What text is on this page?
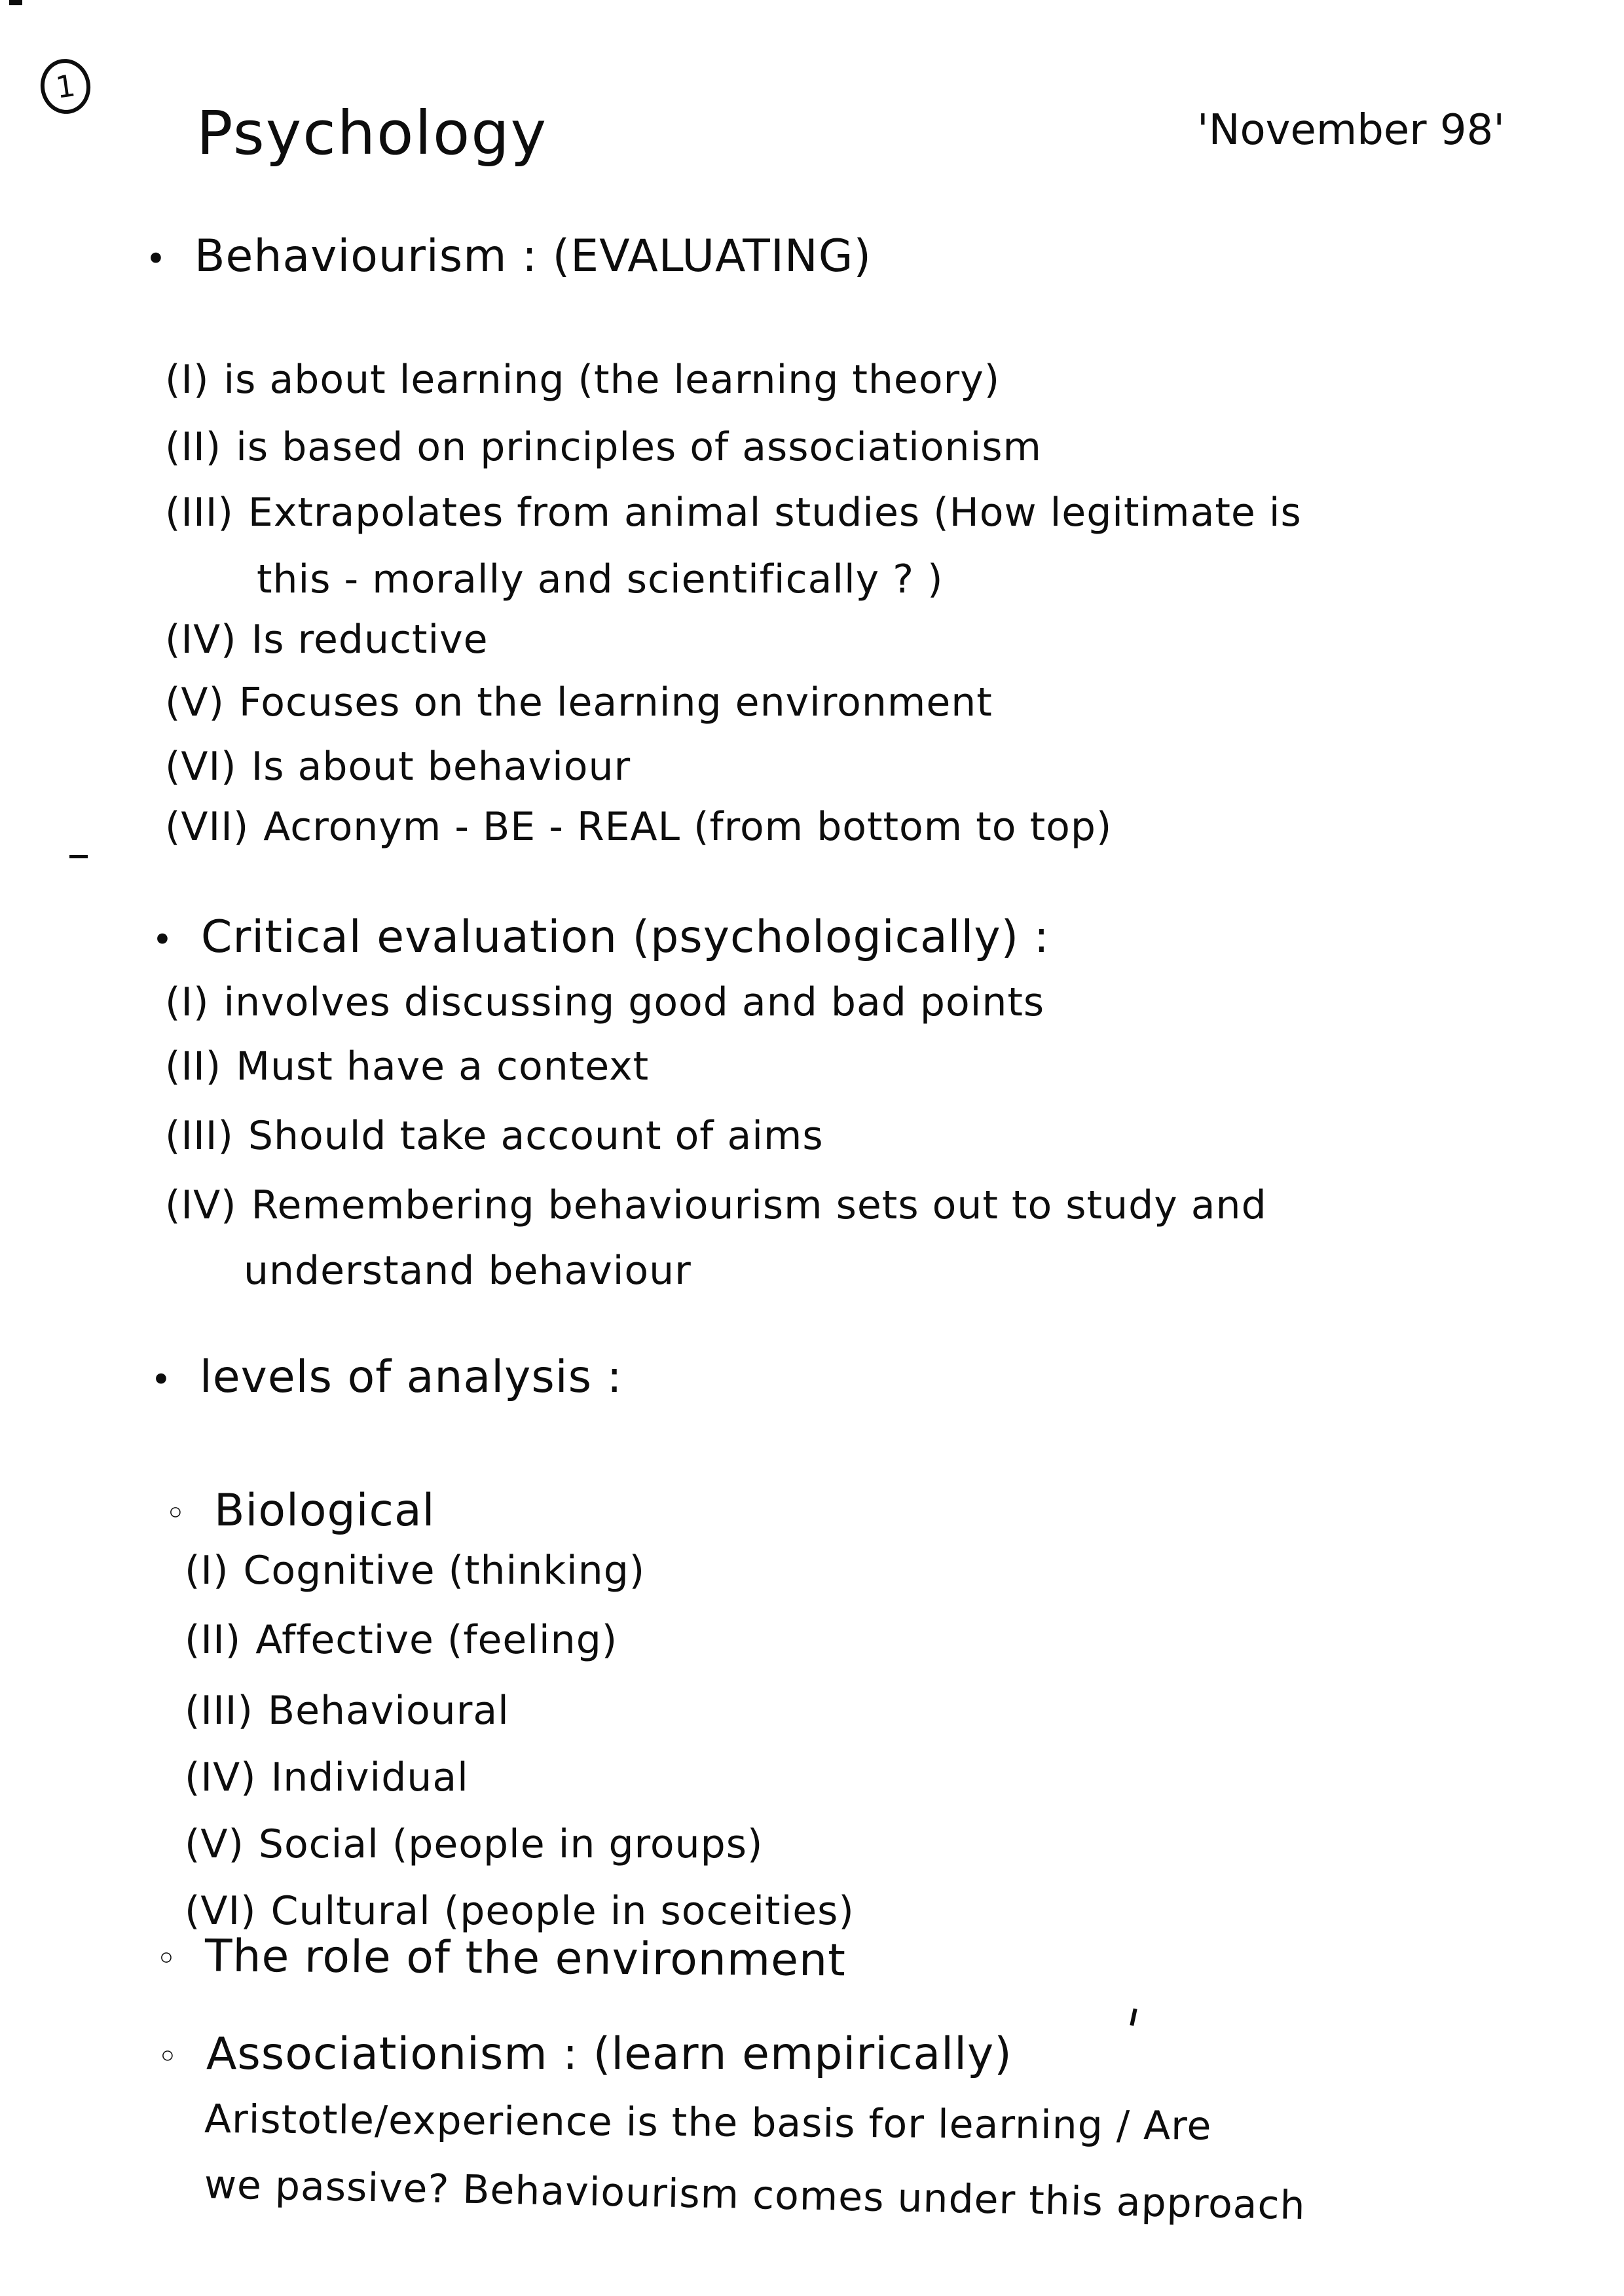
1
Psychology	'November 98'
• Behaviourism : (EVALUATING)
(I) is about learning (the learning theory)
(II) is based on principles of associationism
(III) Extrapolates from animal studies (How legitimate is
this - morally and scientifically ? )
(IV) Is reductive
(V) Focuses on the learning environment
(VI) Is about behaviour
(VII) Acronym - BE - REAL (from bottom to top)
• Critical evaluation (psychologically) :
(I) involves discussing good and bad points
(II) Must have a context
(III) Should take account of aims
(IV) Remembering behaviourism sets out to study and
understand behaviour
• levels of analysis :
◦ Biological
(I) Cognitive (thinking)
(II) Affective (feeling)
(III) Behavioural
(IV) Individual
(V) Social (people in groups)
(VI) Cultural (people in soceities)
◦ The role of the environment
◦ Associationism : (learn empirically)
Aristotle/experience is the basis for learning / Are
we passive? Behaviourism comes under this approach
